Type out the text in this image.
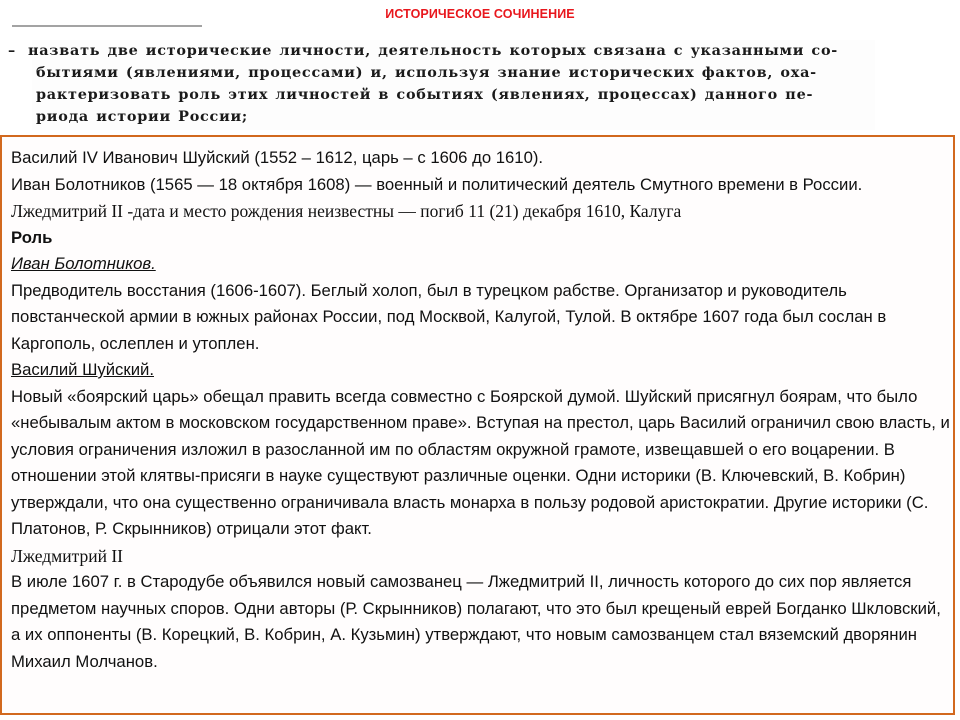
ИСТОРИЧЕСКОЕ СОЧИНЕНИЕ
– назвать две исторические личности, деятельность которых связана с указанными со-
бытиями (явлениями, процессами) и, используя знание исторических фактов, оха-
рактеризовать роль этих личностей в событиях (явлениях, процессах) данного пе-
риода истории России;

Василий IV Иванович Шуйский (1552 – 1612, царь – с 1606 до 1610).

Иван Болотников (1565 — 18 октября 1608) — военный и политический деятель Смутного времени в России.

Лжедмитрий II -дата и место рождения неизвестны — погиб 11 (21) декабря 1610, Калуга

Роль

Иван Болотников.

Предводитель восстания (1606-1607). Беглый холоп, был в турецком рабстве. Организатор и руководитель повстанческой армии в южных районах России, под Москвой, Калугой, Тулой. В октябре 1607 года был сослан в Каргополь, ослеплен и утоплен.

Василий Шуйский.

Новый «боярский царь» обещал править всегда совместно с Боярской думой. Шуйский присягнул боярам, что было «небывалым актом в московском государственном праве». Вступая на престол, царь Василий ограничил свою власть, и условия ограничения изложил в разосланной им по областям окружной грамоте, извещавшей о его воцарении. В отношении этой клятвы-присяги в науке существуют различные оценки. Одни историки (В. Ключевский, В. Кобрин) утверждали, что она существенно ограничивала власть монарха в пользу родовой аристократии. Другие историки (С. Платонов, Р. Скрынников) отрицали этот факт.

Лжедмитрий II

В июле 1607 г. в Стародубе объявился новый самозванец — Лжедмитрий II, личность которого до сих пор является предметом научных споров. Одни авторы (Р. Скрынников) полагают, что это был крещеный еврей Богданко Шкловский, а их оппоненты (В. Корецкий, В. Кобрин, А. Кузьмин) утверждают, что новым самозванцем стал вяземский дворянин Михаил Молчанов.
